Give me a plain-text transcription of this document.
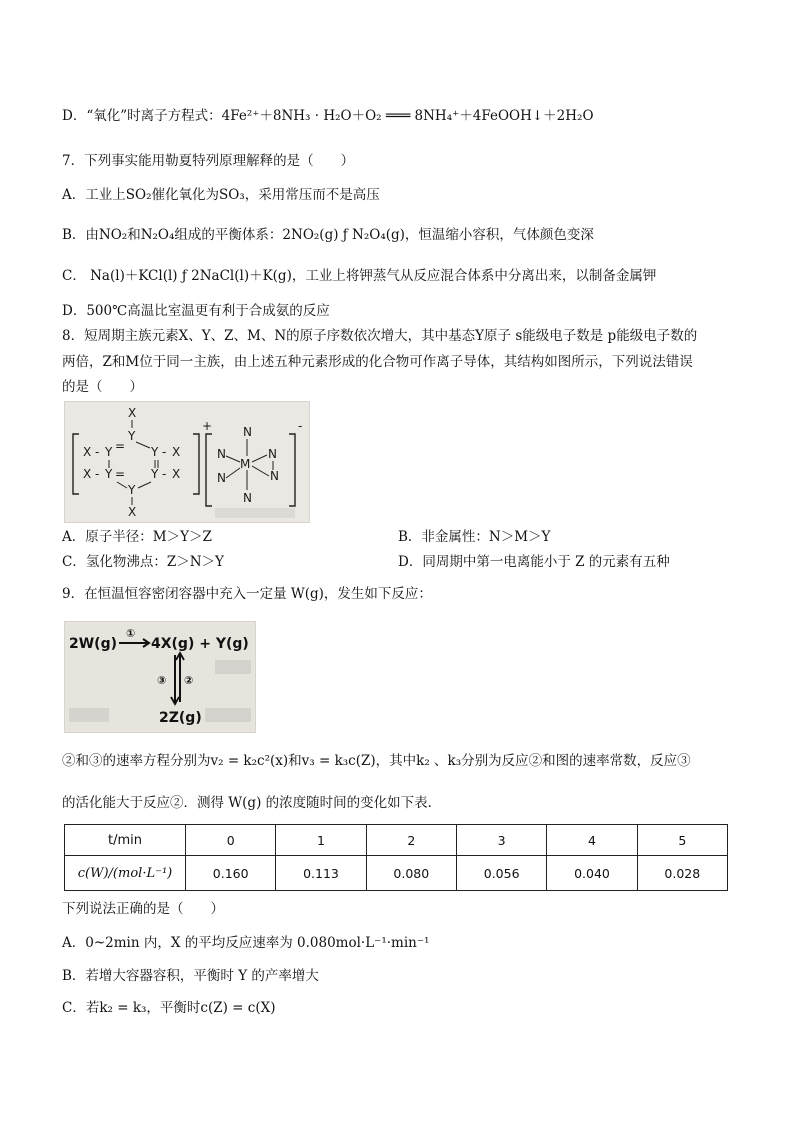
D．“氧化”时离子方程式：4Fe²⁺＋8NH₃ · H₂O＋O₂ ═══ 8NH₄⁺＋4FeOOH↓＋2H₂O
7．下列事实能用勒夏特列原理解释的是（　　）
A．工业上SO₂催化氧化为SO₃，采用常压而不是高压
B．由NO₂和N₂O₄组成的平衡体系：2NO₂(g) ƒ N₂O₄(g)，恒温缩小容积，气体颜色变深
C． Na(l)＋KCl(l) ƒ 2NaCl(l)＋K(g)，工业上将钾蒸气从反应混合体系中分离出来，以制备金属钾
D．500℃高温比室温更有利于合成氨的反应
8．短周期主族元素X、Y、Z、M、N的原子序数依次增大，其中基态Y原子 s能级电子数是 p能级电子数的
两倍，Z和M位于同一主族，由上述五种元素形成的化合物可作离子导体，其结构如图所示，下列说法错误
的是（　　）
+
X
Y
X - Y = Y - X
X - Y = Y - X
Y
X
-
N
N
M
N
N
N
N
A．原子半径：M＞Y＞Z	B．非金属性：N＞M＞Y
C．氢化物沸点：Z＞N＞Y	D．同周期中第一电离能小于 Z 的元素有五种
9．在恒温恒容密闭容器中充入一定量 W(g)，发生如下反应：
2W(g)
①
4X(g) + Y(g)
③ ②
2Z(g)
②和③的速率方程分别为v₂ = k₂c²(x)和v₃ = k₃c(Z)，其中k₂ 、k₃分别为反应②和图的速率常数，反应③
的活化能大于反应②．测得 W(g) 的浓度随时间的变化如下表．
t/min	0	1	2	3	4	5
c(W)/(mol·L⁻¹)	0.160	0.113	0.080	0.056	0.040	0.028
下列说法正确的是（　　）
A．0~2min 内，X 的平均反应速率为 0.080mol·L⁻¹·min⁻¹
B．若增大容器容积，平衡时 Y 的产率增大
C．若k₂ = k₃，平衡时c(Z) = c(X)
